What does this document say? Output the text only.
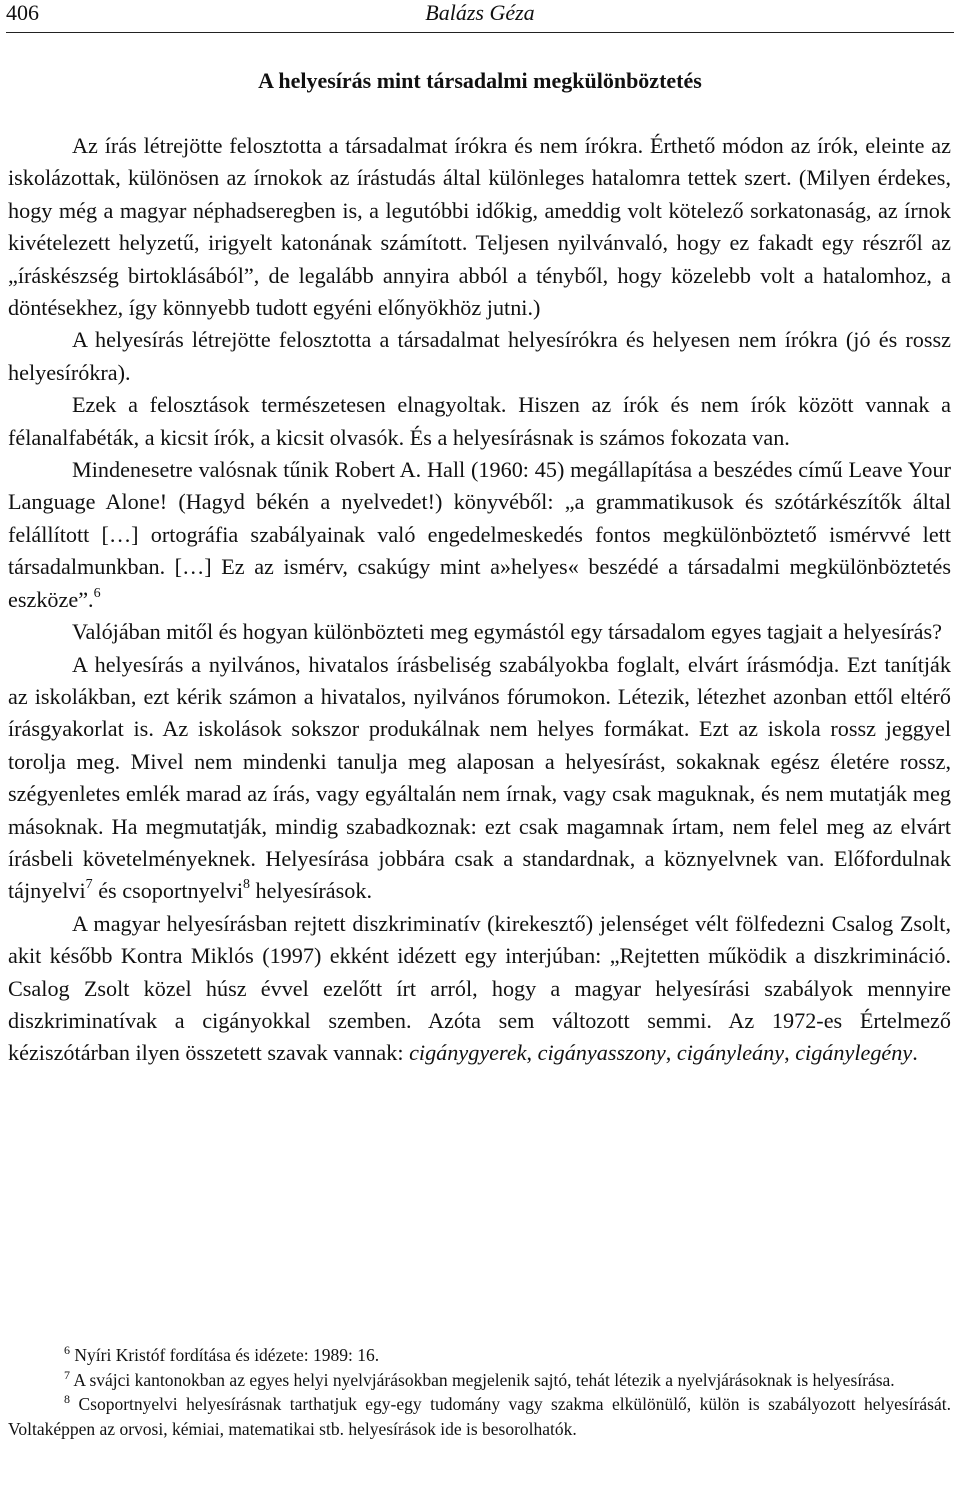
406	Balázs Géza
A helyesírás mint társadalmi megkülönböztetés

Az írás létrejötte felosztotta a társadalmat írókra és nem írókra. Érthető módon az írók, eleinte az iskolázottak, különösen az írnokok az írástudás által különleges hatalomra tettek szert. (Milyen érdekes, hogy még a magyar néphadseregben is, a legutóbbi időkig, ameddig volt kötelező sorkatonaság, az írnok kivételezett helyzetű, irigyelt katonának számított. Teljesen nyilvánvaló, hogy ez fakadt egy részről az „íráskészség birtoklásából”, de legalább annyira abból a tényből, hogy közelebb volt a hatalomhoz, a döntésekhez, így könnyebb tudott egyéni előnyökhöz jutni.)

A helyesírás létrejötte felosztotta a társadalmat helyesírókra és helyesen nem írókra (jó és rossz helyesírókra).

Ezek a felosztások természetesen elnagyoltak. Hiszen az írók és nem írók között vannak a félanalfabéták, a kicsit írók, a kicsit olvasók. És a helyesírásnak is számos fokozata van.

Mindenesetre valósnak tűnik Robert A. Hall (1960: 45) megállapítása a beszédes című Leave Your Language Alone! (Hagyd békén a nyelvedet!) könyvéből: „a grammatikusok és szótárkészítők által felállított […] ortográfia szabályainak való engedelmeskedés fontos megkülönböztető ismérvvé lett társadalmunkban. […] Ez az ismérv, csakúgy mint a»helyes« beszédé a társadalmi megkülönböztetés eszköze”.$^6$

Valójában mitől és hogyan különbözteti meg egymástól egy társadalom egyes tagjait a helyesírás?

A helyesírás a nyilvános, hivatalos írásbeliség szabályokba foglalt, elvárt írásmódja. Ezt tanítják az iskolákban, ezt kérik számon a hivatalos, nyilvános fórumokon. Létezik, létezhet azonban ettől eltérő írásgyakorlat is. Az iskolások sokszor produkálnak nem helyes formákat. Ezt az iskola rossz jeggyel torolja meg. Mivel nem mindenki tanulja meg alaposan a helyesírást, sokaknak egész életére rossz, szégyenletes emlék marad az írás, vagy egyáltalán nem írnak, vagy csak maguknak, és nem mutatják meg másoknak. Ha megmutatják, mindig szabadkoznak: ezt csak magamnak írtam, nem felel meg az elvárt írásbeli követelményeknek. Helyesírása jobbára csak a standardnak, a köznyelvnek van. Előfordulnak tájnyelvi$^7$ és csoportnyelvi$^8$ helyesírások.

A magyar helyesírásban rejtett diszkriminatív (kirekesztő) jelenséget vélt fölfedezni Csalog Zsolt, akit később Kontra Miklós (1997) ekként idézett egy interjúban: „Rejtetten működik a diszkrimináció. Csalog Zsolt közel húsz évvel ezelőtt írt arról, hogy a magyar helyesírási szabályok mennyire diszkriminatívak a cigányokkal szemben. Azóta sem változott semmi. Az 1972-es Értelmező kéziszótárban ilyen összetett szavak vannak: cigánygyerek, cigányasszony, cigányleány, cigánylegény.

$^6$ Nyíri Kristóf fordítása és idézete: 1989: 16.

$^7$ A svájci kantonokban az egyes helyi nyelvjárásokban megjelenik sajtó, tehát létezik a nyelvjárásoknak is helyesírása.

$^8$ Csoportnyelvi helyesírásnak tarthatjuk egy-egy tudomány vagy szakma elkülönülő, külön is szabályozott helyesírását. Voltaképpen az orvosi, kémiai, matematikai stb. helyesírások ide is besorolhatók.
